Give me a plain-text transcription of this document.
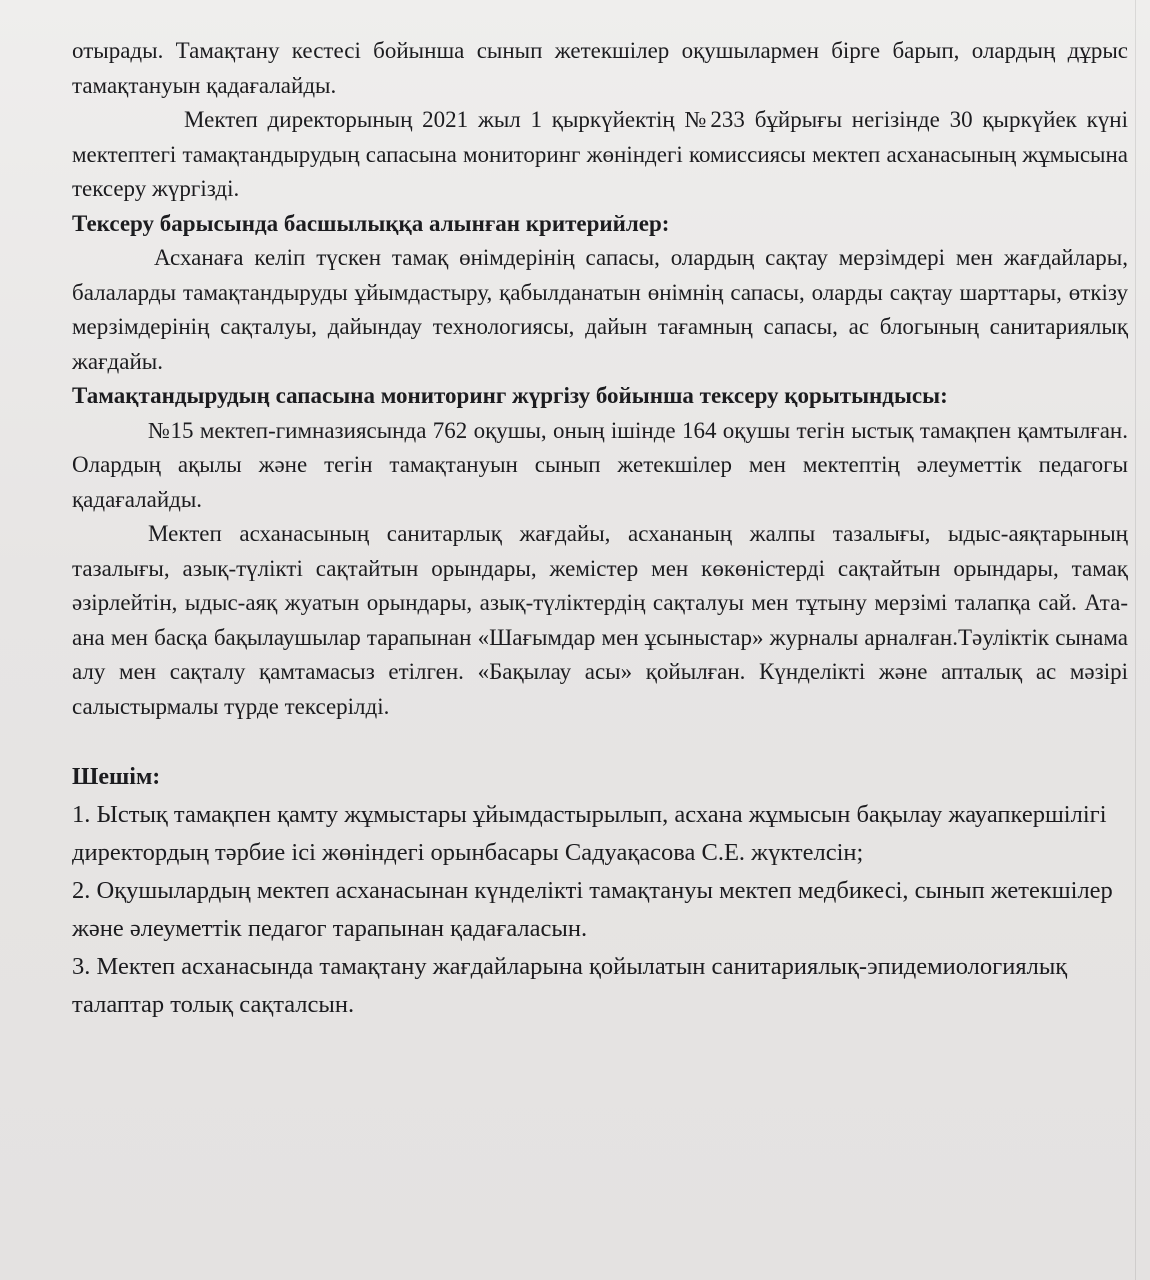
отырады. Тамақтану кестесі бойынша сынып жетекшілер оқушылармен бірге барып, олардың дұрыс тамақтануын қадағалайды.

Мектеп директорының 2021 жыл 1 қыркүйектің №233 бұйрығы негізінде 30 қыркүйек күні мектептегі тамақтандырудың сапасына мониторинг жөніндегі комиссиясы мектеп асханасының жұмысына тексеру жүргізді.

Тексеру барысында басшылыққа алынған критерийлер:

Асханаға келіп түскен тамақ өнімдерінің сапасы, олардың сақтау мерзімдері мен жағдайлары, балаларды тамақтандыруды ұйымдастыру, қабылданатын өнімнің сапасы, оларды сақтау шарттары, өткізу мерзімдерінің сақталуы, дайындау технологиясы, дайын тағамның сапасы, ас блогының санитариялық жағдайы.

Тамақтандырудың сапасына мониторинг жүргізу бойынша тексеру қорытындысы:

№15 мектеп-гимназиясында 762 оқушы, оның ішінде 164 оқушы тегін ыстық тамақпен қамтылған. Олардың ақылы және тегін тамақтануын сынып жетекшілер мен мектептің әлеуметтік педагогы қадағалайды.

Мектеп асханасының санитарлық жағдайы, асхананың жалпы тазалығы, ыдыс-аяқтарының тазалығы, азық-түлікті сақтайтын орындары, жемістер мен көкөністерді сақтайтын орындары, тамақ әзірлейтін, ыдыс-аяқ жуатын орындары, азық-түліктердің сақталуы мен тұтыну мерзімі талапқа сай. Ата-ана мен басқа бақылаушылар тарапынан «Шағымдар мен ұсыныстар» журналы арналған.Тәуліктік сынама алу мен сақталу қамтамасыз етілген. «Бақылау асы» қойылған. Күнделікті және апталық ас мәзірі салыстырмалы түрде тексерілді.

Шешім:

1. Ыстық тамақпен қамту жұмыстары ұйымдастырылып, асхана жұмысын бақылау жауапкершілігі директордың тәрбие ісі жөніндегі орынбасары Садуақасова С.Е. жүктелсін;

2. Оқушылардың мектеп асханасынан күнделікті тамақтануы мектеп медбикесі, сынып жетекшілер және әлеуметтік педагог тарапынан қадағаласын.

3. Мектеп асханасында тамақтану жағдайларына қойылатын санитариялық-эпидемиологиялық талаптар толық сақталсын.
